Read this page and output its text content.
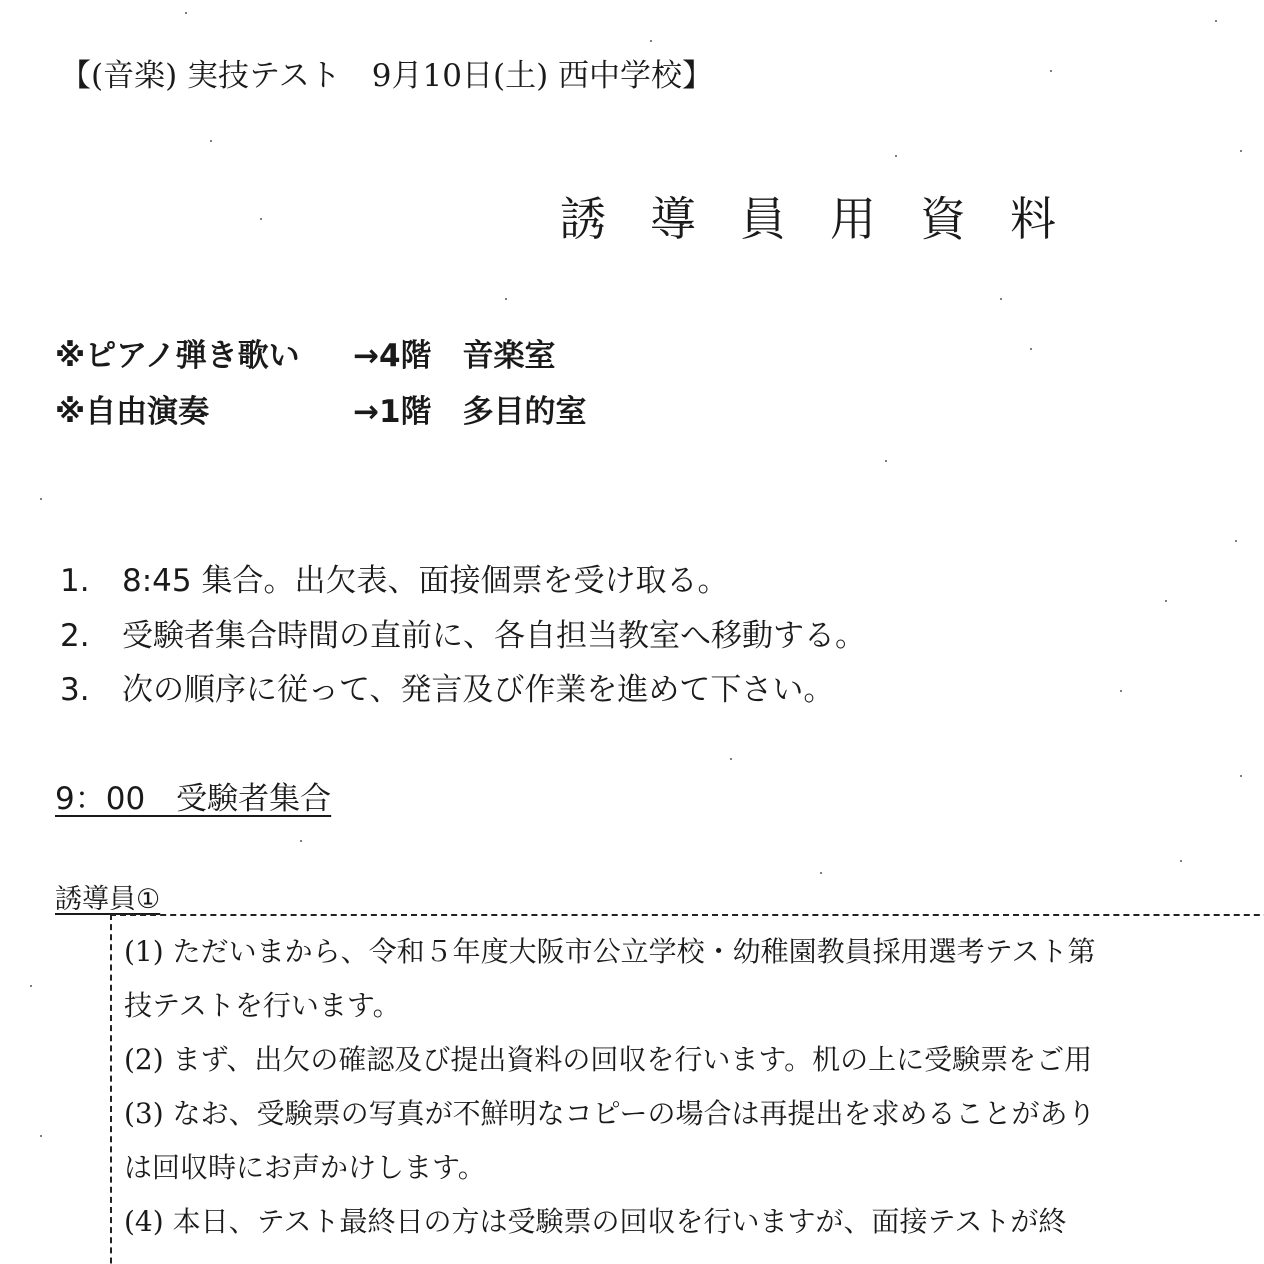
【(音楽) 実技テスト　9月10日(土) 西中学校】
誘導員用資料
※ピアノ弾き歌い →4階　音楽室
※自由演奏	→1階　多目的室
1. 8:45 集合。出欠表、面接個票を受け取る。
2. 受験者集合時間の直前に、各自担当教室へ移動する。
3. 次の順序に従って、発言及び作業を進めて下さい。
9：00　受験者集合
誘導員①
(1) ただいまから、令和５年度大阪市公立学校・幼稚園教員採用選考テスト第
技テストを行います。
(2) まず、出欠の確認及び提出資料の回収を行います。机の上に受験票をご用
(3) なお、受験票の写真が不鮮明なコピーの場合は再提出を求めることがあり
は回収時にお声かけします。
(4) 本日、テスト最終日の方は受験票の回収を行いますが、面接テストが終
